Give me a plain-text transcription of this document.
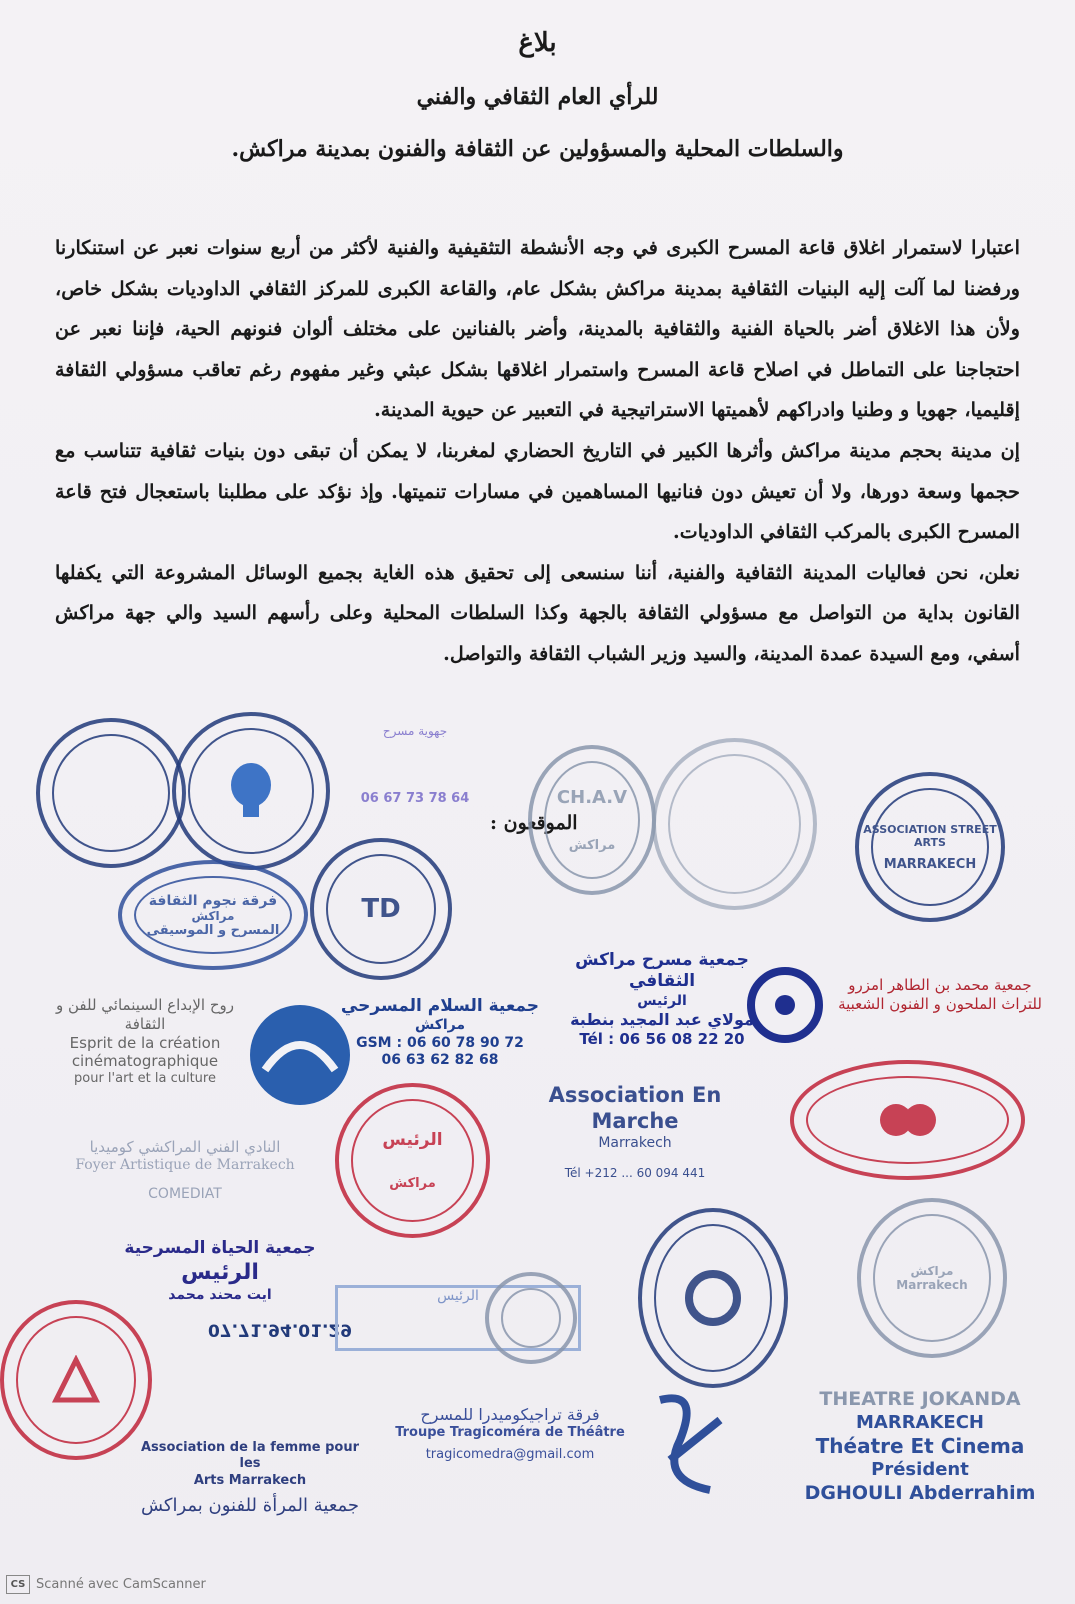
بلاغ
للرأي العام الثقافي والفني
والسلطات المحلية والمسؤولين عن الثقافة والفنون بمدينة مراكش.

اعتبارا لاستمرار اغلاق قاعة المسرح الكبرى في وجه الأنشطة التثقيفية والفنية لأكثر من أربع سنوات نعبر عن استنكارنا ورفضنا لما آلت إليه البنيات الثقافية بمدينة مراكش بشكل عام، والقاعة الكبرى للمركز الثقافي الداوديات بشكل خاص، ولأن هذا الاغلاق أضر بالحياة الفنية والثقافية بالمدينة، وأضر بالفنانين على مختلف ألوان فنونهم الحية، فإننا نعبر عن احتجاجنا على التماطل في اصلاح قاعة المسرح واستمرار اغلاقها بشكل عبثي وغير مفهوم رغم تعاقب مسؤولي الثقافة إقليميا، جهويا و وطنيا وادراكهم لأهميتها الاستراتيجية في التعبير عن حيوية المدينة.

إن مدينة بحجم مدينة مراكش وأثرها الكبير في التاريخ الحضاري لمغربنا، لا يمكن أن تبقى دون بنيات ثقافية تتناسب مع حجمها وسعة دورها، ولا أن تعيش دون فنانيها المساهمين في مسارات تنميتها. وإذ نؤكد على مطلبنا باستعجال فتح قاعة المسرح الكبرى بالمركب الثقافي الداوديات.

نعلن، نحن فعاليات المدينة الثقافية والفنية، أننا سنسعى إلى تحقيق هذه الغاية بجميع الوسائل المشروعة التي يكفلها القانون بداية من التواصل مع مسؤولي الثقافة بالجهة وكذا السلطات المحلية وعلى رأسهم السيد والي جهة مراكش أسفي، ومع السيدة عمدة المدينة، والسيد وزير الشباب الثقافة والتواصل.

الموقعون :
جهوية مسرح
06 67 73 78 64	CH.A.V
مراكش
ASSOCIATION STREET ARTS
MARRAKECH
فرقة نجوم الثقافة
مراكش
المسرح و الموسيقى
TD
جمعية مسرح مراكش الثقافي
الرئيس
مولاي عبد المجيد بنطبة
Tél : 06 56 08 22 20
جمعية محمد بن الطاهر امزرو
للتراث الملحون و الفنون الشعبية
روح الإبداع السينمائي للفن و الثقافة
Esprit de la création
cinématographique
pour l'art et la culture
جمعية السلام المسرحي
مراكش
GSM : 06 60 78 90 72
06 63 62 82 68
Association En Marche
Marrakech
Tél +212 ... 60 094 441
الرئيس
مراكش
النادي الفني المراكشي كوميديا
Foyer Artistique de Marrakech
COMEDIAT
جمعية الحياة المسرحية
الرئيس
ايت محند محمد
07.71.94.01.29
الرئيس
مراكش
Marrakech
Association de la femme pour les
Arts Marrakech
جمعية المرأة للفنون بمراكش
فرقة تراجيكوميدرا للمسرح
Troupe Tragicoméra de Théâtre
tragicomedra@gmail.com
THEATRE JOKANDA
MARRAKECH
Théatre Et Cinema
Président
DGHOULI Abderrahim
CS Scanné avec CamScanner
